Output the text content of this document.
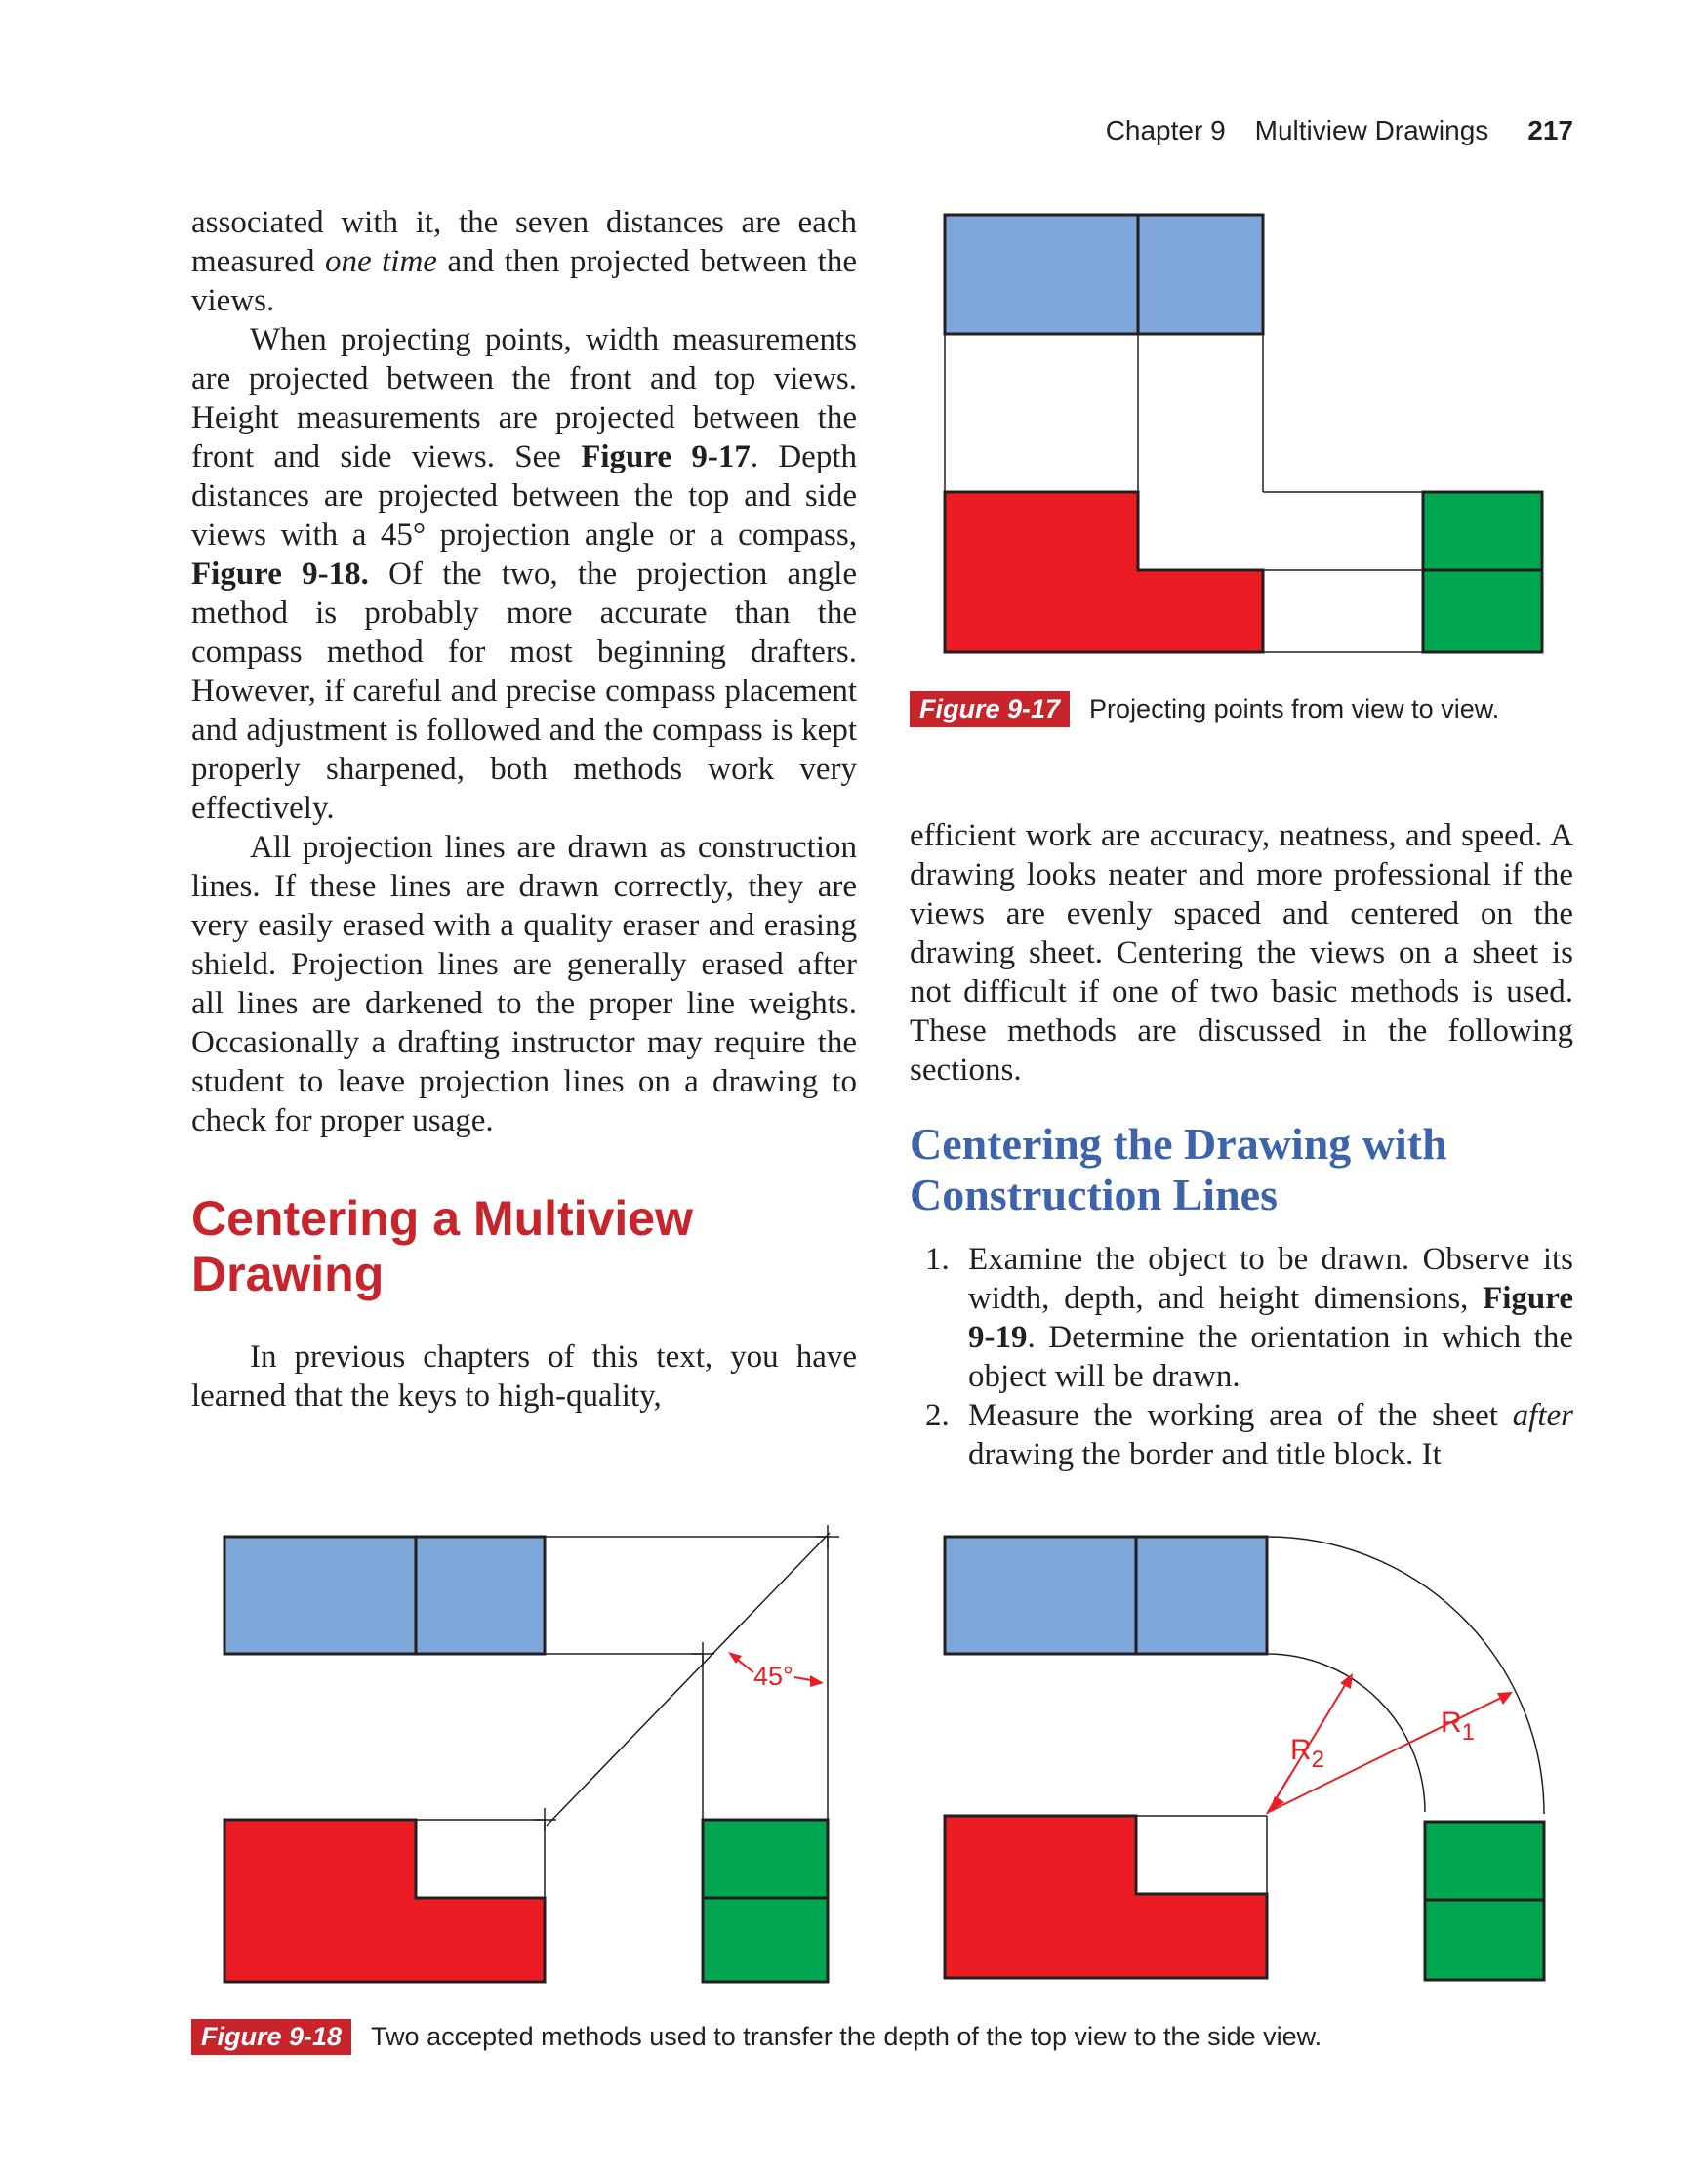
Chapter 9 Multiview Drawings 217

associated with it, the seven distances are each measured one time and then projected between the views.

When projecting points, width measurements are projected between the front and top views. Height measurements are projected between the front and side views. See Figure 9-17. Depth distances are projected between the top and side views with a 45° projection angle or a compass, Figure 9-18. Of the two, the projection angle method is probably more accurate than the compass method for most beginning drafters. However, if careful and precise compass placement and adjustment is followed and the compass is kept properly sharpened, both methods work very effectively.

All projection lines are drawn as construction lines. If these lines are drawn correctly, they are very easily erased with a quality eraser and erasing shield. Projection lines are generally erased after all lines are darkened to the proper line weights. Occasionally a drafting instructor may require the student to leave projection lines on a drawing to check for proper usage.

Centering a Multiview Drawing

In previous chapters of this text, you have learned that the keys to high-quality,

efficient work are accuracy, neatness, and speed. A drawing looks neater and more professional if the views are evenly spaced and centered on the drawing sheet. Centering the views on a sheet is not difficult if one of two basic methods is used. These methods are discussed in the following sections.

Centering the Drawing with Construction Lines
1. Examine the object to be drawn. Observe its width, depth, and height dimensions, Figure 9-19. Determine the orientation in which the object will be drawn.
2. Measure the working area of the sheet after drawing the border and title block. It
45°
$R_1$
$R_2$
Figure 9-17	Projecting points from view to view.
Figure 9-18	Two accepted methods used to transfer the depth of the top view to the side view.
